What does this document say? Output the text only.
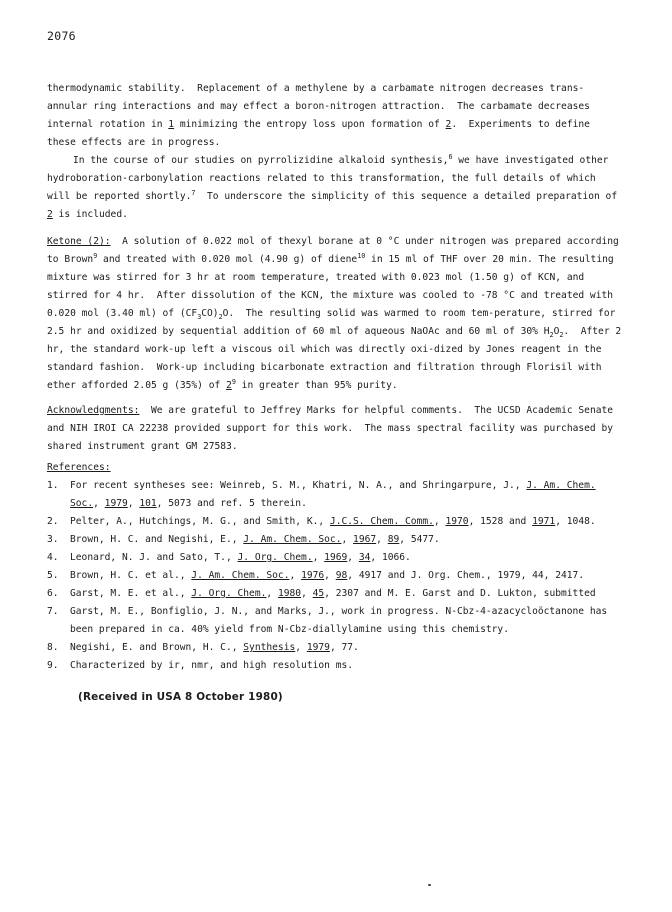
2076

thermodynamic stability.  Replacement of a methylene by a carbamate nitrogen decreases trans-annular ring interactions and may effect a boron-nitrogen attraction.  The carbamate decreases internal rotation in 1 minimizing the entropy loss upon formation of 2.  Experiments to define these effects are in progress.

In the course of our studies on pyrrolizidine alkaloid synthesis,$^6$ we have investigated other hydroboration-carbonylation reactions related to this transformation, the full details of which will be reported shortly.$^7$  To underscore the simplicity of this sequence a detailed preparation of 2 is included.

Ketone (2):  A solution of 0.022 mol of thexyl borane at 0 °C under nitrogen was prepared according to Brown$^9$ and treated with 0.020 mol (4.90 g) of diene$^{10}$ in 15 ml of THF over 20 min. The resulting mixture was stirred for 3 hr at room temperature, treated with 0.023 mol (1.50 g) of KCN, and stirred for 4 hr.  After dissolution of the KCN, the mixture was cooled to -78 °C and treated with 0.020 mol (3.40 ml) of $(CF_3CO)_2O$.  The resulting solid was warmed to room tem-perature, stirred for 2.5 hr and oxidized by sequential addition of 60 ml of aqueous NaOAc and 60 ml of 30% $H_2O_2$.  After 2 hr, the standard work-up left a viscous oil which was directly oxi-dized by Jones reagent in the standard fashion.  Work-up including bicarbonate extraction and filtration through Florisil with ether afforded 2.05 g (35%) of $2^9$ in greater than 95% purity.

Acknowledgments:  We are grateful to Jeffrey Marks for helpful comments.  The UCSD Academic Senate and NIH IROI CA 22238 provided support for this work.  The mass spectral facility was purchased by shared instrument grant GM 27583.

References:

1.	For recent syntheses see: Weinreb, S. M., Khatri, N. A., and Shringarpure, J., J. Am. Chem. Soc., 1979, 101, 5073 and ref. 5 therein.
2.	Pelter, A., Hutchings, M. G., and Smith, K., J.C.S. Chem. Comm., 1970, 1528 and 1971, 1048.
3.	Brown, H. C. and Negishi, E., J. Am. Chem. Soc., 1967, 89, 5477.
4.	Leonard, N. J. and Sato, T., J. Org. Chem., 1969, 34, 1066.
5.	Brown, H. C. et al., J. Am. Chem. Soc., 1976, 98, 4917 and J. Org. Chem., 1979, 44, 2417.
6.	Garst, M. E. et al., J. Org. Chem., 1980, 45, 2307 and M. E. Garst and D. Lukton, submitted
7.	Garst, M. E., Bonfiglio, J. N., and Marks, J., work in progress. N-Cbz-4-azacycloöctanone has been prepared in ca. 40% yield from N-Cbz-diallylamine using this chemistry.
8.	Negishi, E. and Brown, H. C., Synthesis, 1979, 77.
9.	Characterized by ir, nmr, and high resolution ms.
(Received in USA 8 October 1980)
